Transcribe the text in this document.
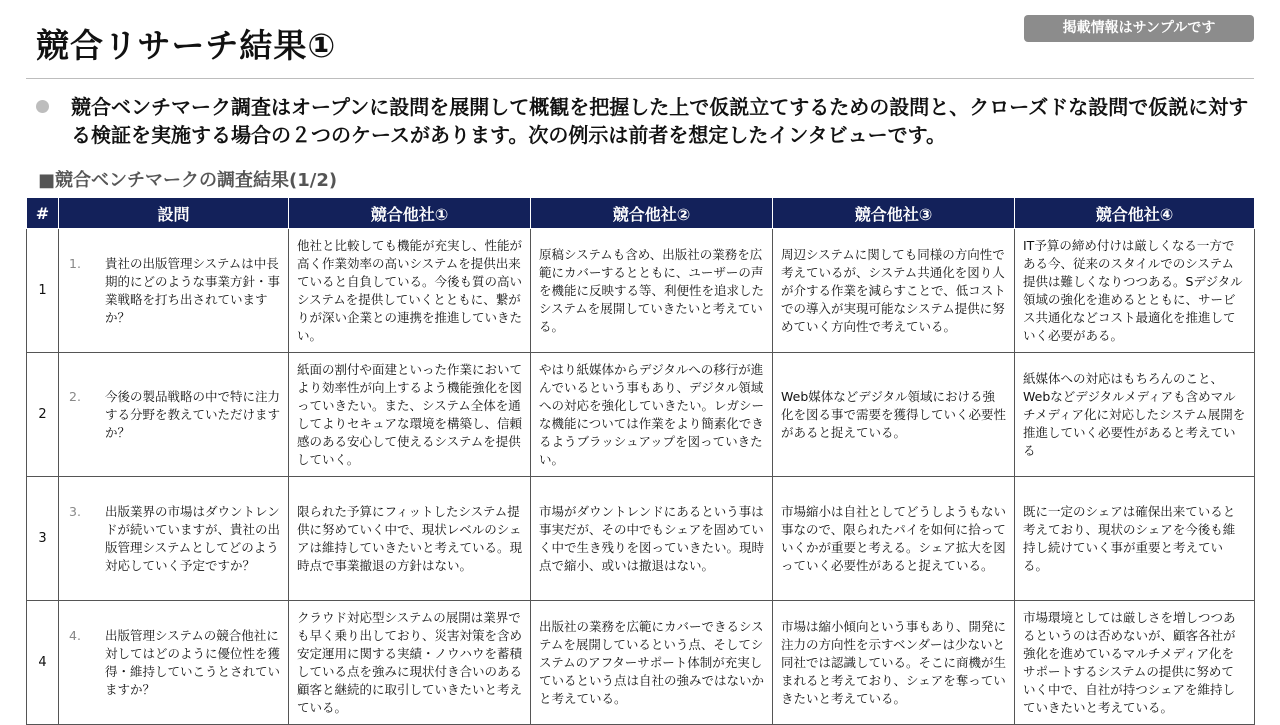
競合リサーチ結果①	掲載情報はサンプルです
競合ベンチマーク調査はオープンに設問を展開して概観を把握した上で仮説立てするための設問と、クローズドな設問で仮説に対する検証を実施する場合の２つのケースがあります。次の例示は前者を想定したインタビューです。
■競合ベンチマークの調査結果(1/2)
#	設問	競合他社①	競合他社②	競合他社③	競合他社④
1	1. 貴社の出版管理システムは中長期的にどのような事業方針・事業戦略を打ち出されていますか？	他社と比較しても機能が充実し、性能が高く作業効率の高いシステムを提供出来ていると自負している。今後も質の高いシステムを提供していくとともに、繋がりが深い企業との連携を推進していきたい。	原稿システムも含め、出版社の業務を広範にカバーするとともに、ユーザーの声を機能に反映する等、利便性を追求したシステムを展開していきたいと考えている。	周辺システムに関しても同様の方向性で考えているが、システム共通化を図り人が介する作業を減らすことで、低コストでの導入が実現可能なシステム提供に努めていく方向性で考えている。	IT予算の締め付けは厳しくなる一方である今、従来のスタイルでのシステム提供は難しくなりつつある。Sデジタル領域の強化を進めるとともに、サービス共通化などコスト最適化を推進していく必要がある。
2	2. 今後の製品戦略の中で特に注力する分野を教えていただけますか？	紙面の割付や面建といった作業においてより効率性が向上するよう機能強化を図っていきたい。また、システム全体を通してよりセキュアな環境を構築し、信頼感のある安心して使えるシステムを提供していく。	やはり紙媒体からデジタルへの移行が進んでいるという事もあり、デジタル領域への対応を強化していきたい。レガシーな機能については作業をより簡素化できるようブラッシュアップを図っていきたい。	Web媒体などデジタル領域における強化を図る事で需要を獲得していく必要性があると捉えている。	紙媒体への対応はもちろんのこと、Webなどデジタルメディアも含めマルチメディア化に対応したシステム展開を推進していく必要性があると考えている
3	3. 出版業界の市場はダウントレンドが続いていますが、貴社の出版管理システムとしてどのよう対応していく予定ですか？	限られた予算にフィットしたシステム提供に努めていく中で、現状レベルのシェアは維持していきたいと考えている。現時点で事業撤退の方針はない。	市場がダウントレンドにあるという事は事実だが、その中でもシェアを固めていく中で生き残りを図っていきたい。現時点で縮小、或いは撤退はない。	市場縮小は自社としてどうしようもない事なので、限られたパイを如何に拾っていくかが重要と考える。シェア拡大を図っていく必要性があると捉えている。	既に一定のシェアは確保出来ていると考えており、現状のシェアを今後も維持し続けていく事が重要と考えている。
4	4. 出版管理システムの競合他社に対してはどのように優位性を獲得・維持していこうとされていますか？	クラウド対応型システムの展開は業界でも早く乗り出しており、災害対策を含め安定運用に関する実績・ノウハウを蓄積している点を強みに現状付き合いのある顧客と継続的に取引していきたいと考えている。	出版社の業務を広範にカバーできるシステムを展開しているという点、そしてシステムのアフターサポート体制が充実しているという点は自社の強みではないかと考えている。	市場は縮小傾向という事もあり、開発に注力の方向性を示すベンダーは少ないと同社では認識している。そこに商機が生まれると考えており、シェアを奪っていきたいと考えている。	市場環境としては厳しさを増しつつあるというのは否めないが、顧客各社が強化を進めているマルチメディア化をサポートするシステムの提供に努めていく中で、自社が持つシェアを維持していきたいと考えている。
